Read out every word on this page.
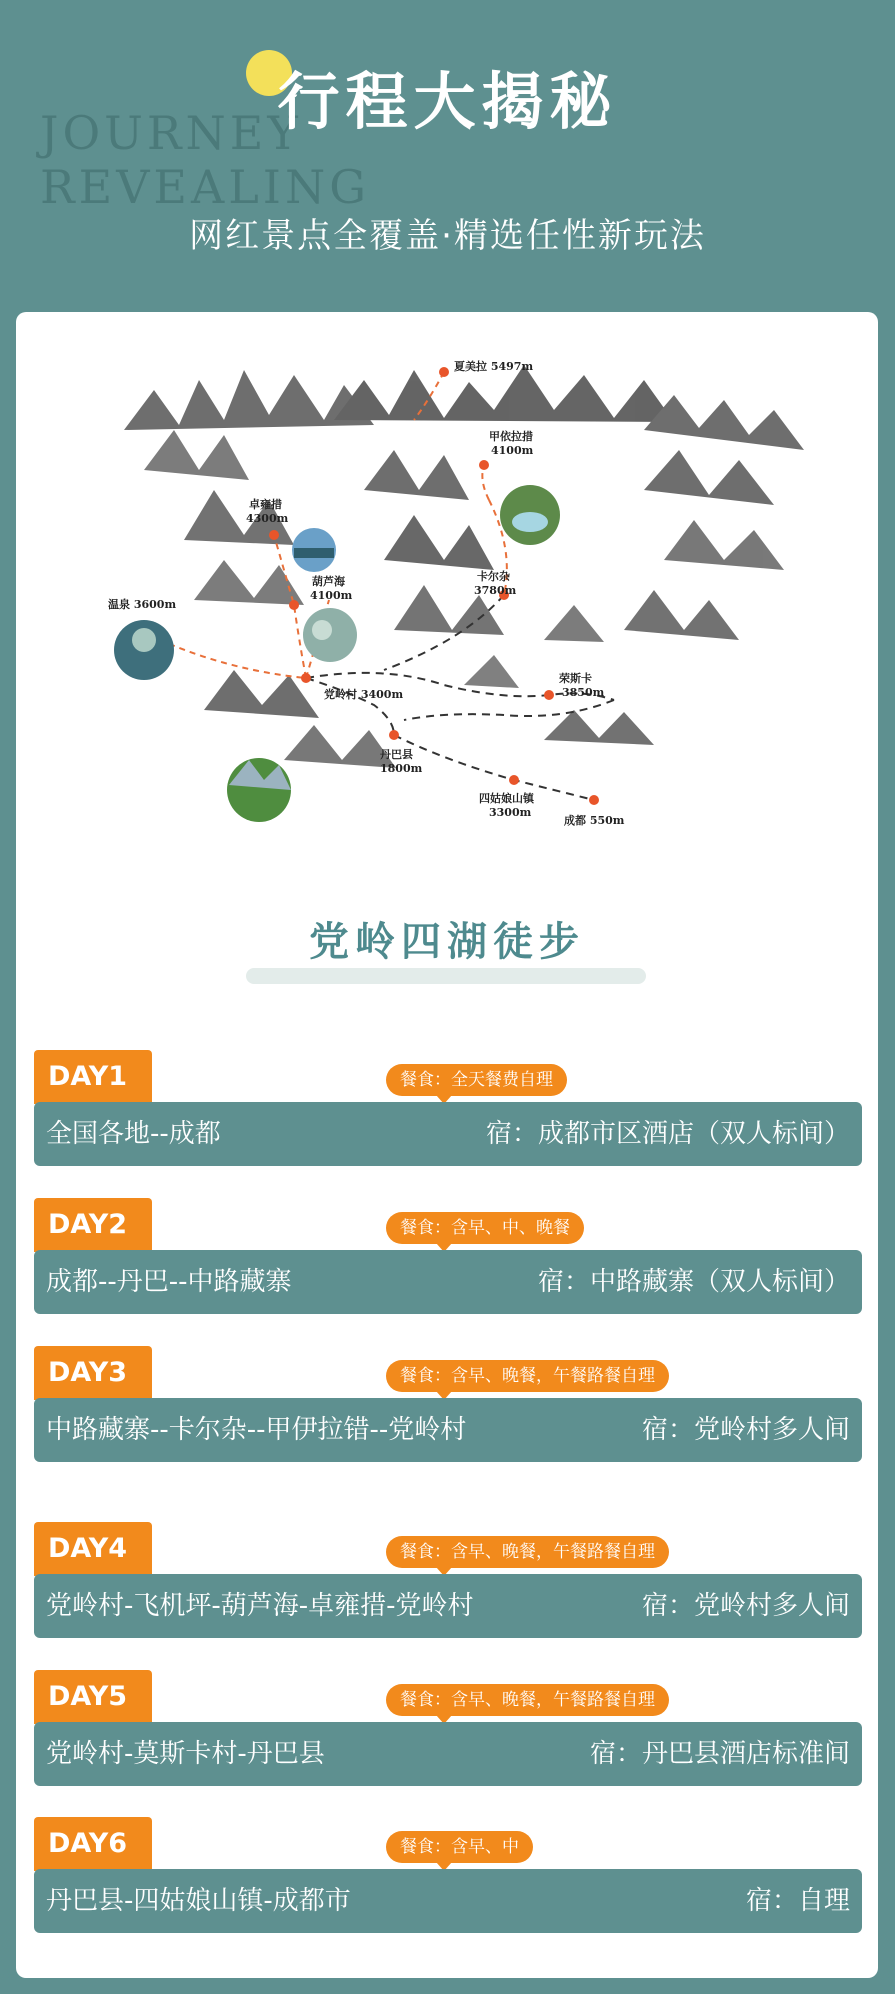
JOURNEY REVEALING
行程大揭秘
网红景点全覆盖·精选任性新玩法
夏美拉 5497m
卓雍措
4300m
甲依拉措
4100m
葫芦海
4100m
温泉 3600m
卡尔杂
3780m
党岭村 3400m
荣斯卡
3850m
丹巴县
1800m
四姑娘山镇
3300m
成都 550m
党岭四湖徒步
DAY1	餐食：全天餐费自理
全国各地--成都	宿：成都市区酒店（双人标间）
DAY2	餐食：含早、中、晚餐
成都--丹巴--中路藏寨	宿：中路藏寨（双人标间）
DAY3	餐食：含早、晚餐，午餐路餐自理
中路藏寨--卡尔杂--甲伊拉错--党岭村	宿：党岭村多人间
DAY4	餐食：含早、晚餐，午餐路餐自理
党岭村-飞机坪-葫芦海-卓雍措-党岭村	宿：党岭村多人间
DAY5	餐食：含早、晚餐，午餐路餐自理
党岭村-莫斯卡村-丹巴县	宿：丹巴县酒店标准间
DAY6	餐食：含早、中
丹巴县-四姑娘山镇-成都市	宿：自理
